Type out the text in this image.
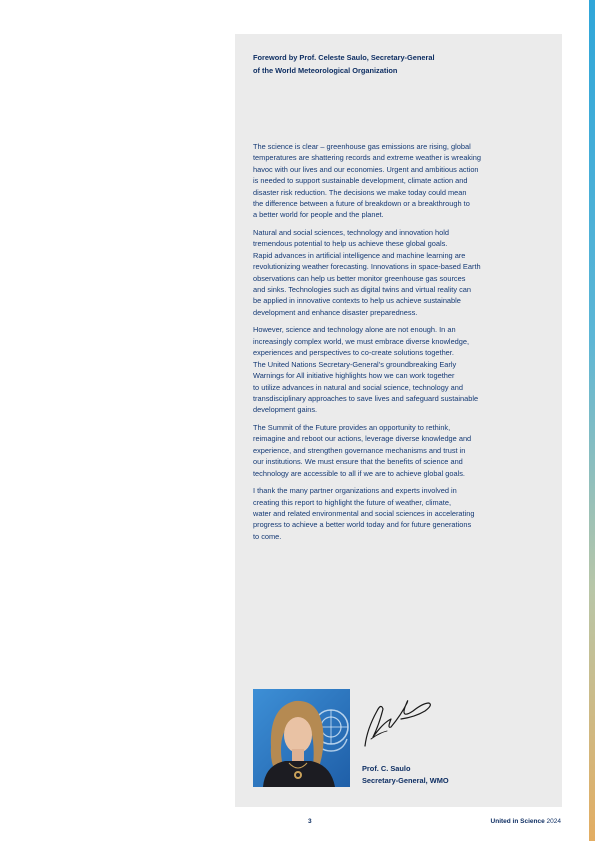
Foreword by Prof. Celeste Saulo, Secretary-General
of the World Meteorological Organization
The science is clear – greenhouse gas emissions are rising, global
temperatures are shattering records and extreme weather is wreaking
havoc with our lives and our economies. Urgent and ambitious action
is needed to support sustainable development, climate action and
disaster risk reduction. The decisions we make today could mean
the difference between a future of breakdown or a breakthrough to
a better world for people and the planet.
Natural and social sciences, technology and innovation hold
tremendous potential to help us achieve these global goals.
Rapid advances in artificial intelligence and machine learning are
revolutionizing weather forecasting. Innovations in space-based Earth
observations can help us better monitor greenhouse gas sources
and sinks. Technologies such as digital twins and virtual reality can
be applied in innovative contexts to help us achieve sustainable
development and enhance disaster preparedness.
However, science and technology alone are not enough. In an
increasingly complex world, we must embrace diverse knowledge,
experiences and perspectives to co-create solutions together.
The United Nations Secretary-General’s groundbreaking Early
Warnings for All initiative highlights how we can work together
to utilize advances in natural and social science, technology and
transdisciplinary approaches to save lives and safeguard sustainable
development gains.
The Summit of the Future provides an opportunity to rethink,
reimagine and reboot our actions, leverage diverse knowledge and
experience, and strengthen governance mechanisms and trust in
our institutions. We must ensure that the benefits of science and
technology are accessible to all if we are to achieve global goals.
I thank the many partner organizations and experts involved in
creating this report to highlight the future of weather, climate,
water and related environmental and social sciences in accelerating
progress to achieve a better world today and for future generations
to come.
Prof. C. Saulo
Secretary-General, WMO
3	United in Science 2024
